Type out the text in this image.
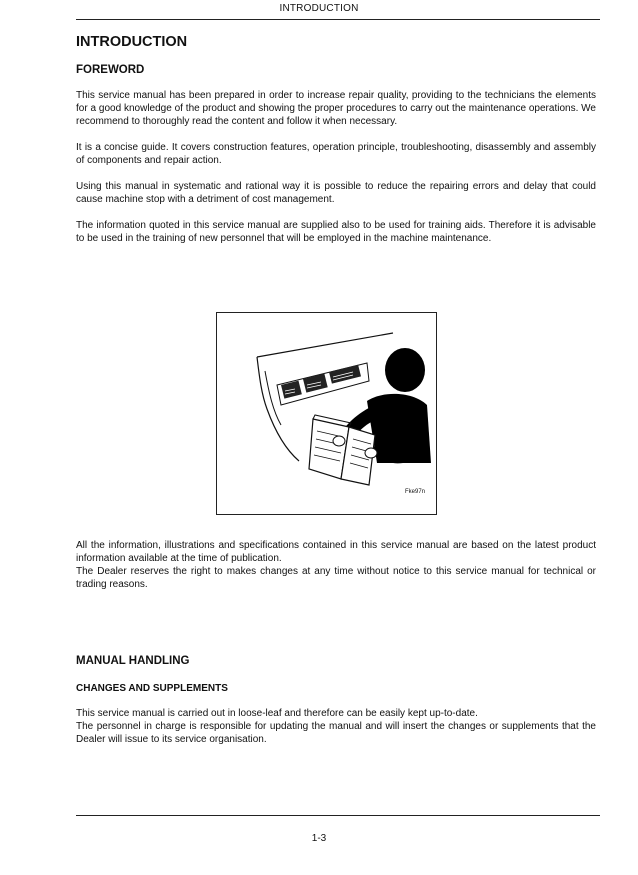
INTRODUCTION
INTRODUCTION
FOREWORD

This service manual has been prepared in order to increase repair quality, providing to the technicians the elements for a good knowledge of the product and showing the proper procedures to carry out the maintenance operations. We recommend to thoroughly read the content and follow it when necessary.

It is a concise guide. It covers construction features, operation principle, troubleshooting, disassembly and assembly of components and repair action.

Using this manual in systematic and rational way it is possible to reduce the repairing errors and delay that could cause machine stop with a detriment of cost management.

The information quoted in this service manual are supplied also to be used for training aids. Therefore it is advisable to be used in the training of new personnel that will be employed in the machine maintenance.

Fke97n

All the information, illustrations and specifications contained in this service manual are based on the latest product information available at the time of publication.

The Dealer reserves the right to makes changes at any time without notice to this service manual for technical or trading reasons.

MANUAL HANDLING
CHANGES AND SUPPLEMENTS

This service manual is carried out in loose-leaf and therefore can be easily kept up-to-date.

The personnel in charge is responsible for updating the manual and will insert the changes or supplements that the Dealer will issue to its service organisation.

1-3
